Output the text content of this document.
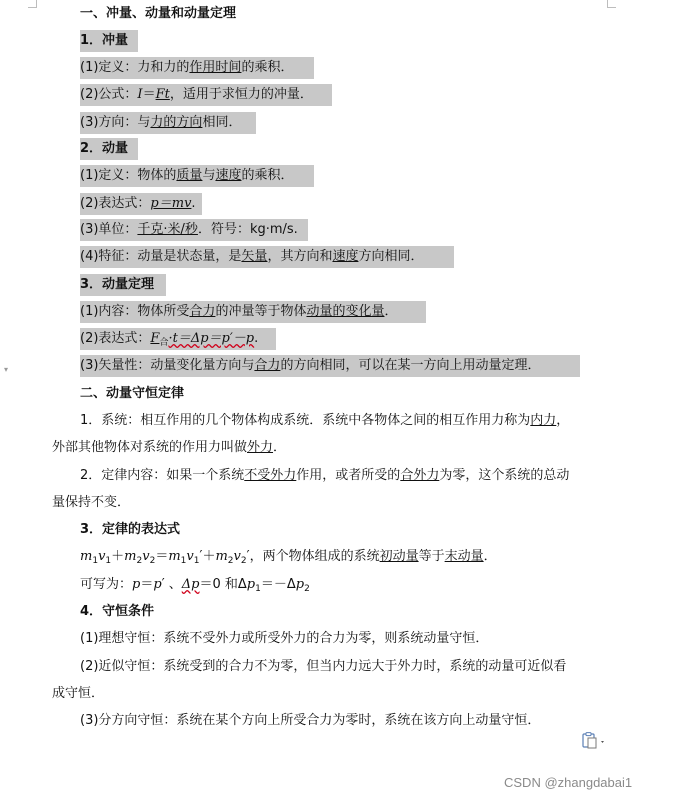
▾
一、冲量、动量和动量定理
1．冲量
(1)定义：力和力的作用时间的乘积．
(2)公式：I＝Ft，适用于求恒力的冲量．
(3)方向：与力的方向相同．
2．动量
(1)定义：物体的质量与速度的乘积．
(2)表达式：p＝mv.
(3)单位：千克·米/秒．符号：kg·m/s.
(4)特征：动量是状态量，是矢量，其方向和速度方向相同．
3．动量定理
(1)内容：物体所受合力的冲量等于物体动量的变化量．
(2)表达式：$F_合\cdot t=\Delta p=p'-p$.
(3)矢量性：动量变化量方向与合力的方向相同，可以在某一方向上用动量定理．
二、动量守恒定律
1．系统：相互作用的几个物体构成系统．系统中各物体之间的相互作用力称为内力，
外部其他物体对系统的作用力叫做外力．
2．定律内容：如果一个系统不受外力作用，或者所受的合外力为零，这个系统的总动
量保持不变．
3．定律的表达式
$m_1v_1+m_2v_2=m_1v_1'+m_2v_2'$，两个物体组成的系统初动量等于末动量．
可写为：p＝p′ 、Δp＝0 和$\Delta p_1=-\Delta p_2$
4．守恒条件
(1)理想守恒：系统不受外力或所受外力的合力为零，则系统动量守恒．
(2)近似守恒：系统受到的合力不为零，但当内力远大于外力时，系统的动量可近似看
成守恒．
(3)分方向守恒：系统在某个方向上所受合力为零时，系统在该方向上动量守恒．
CSDN @zhangdabai1
